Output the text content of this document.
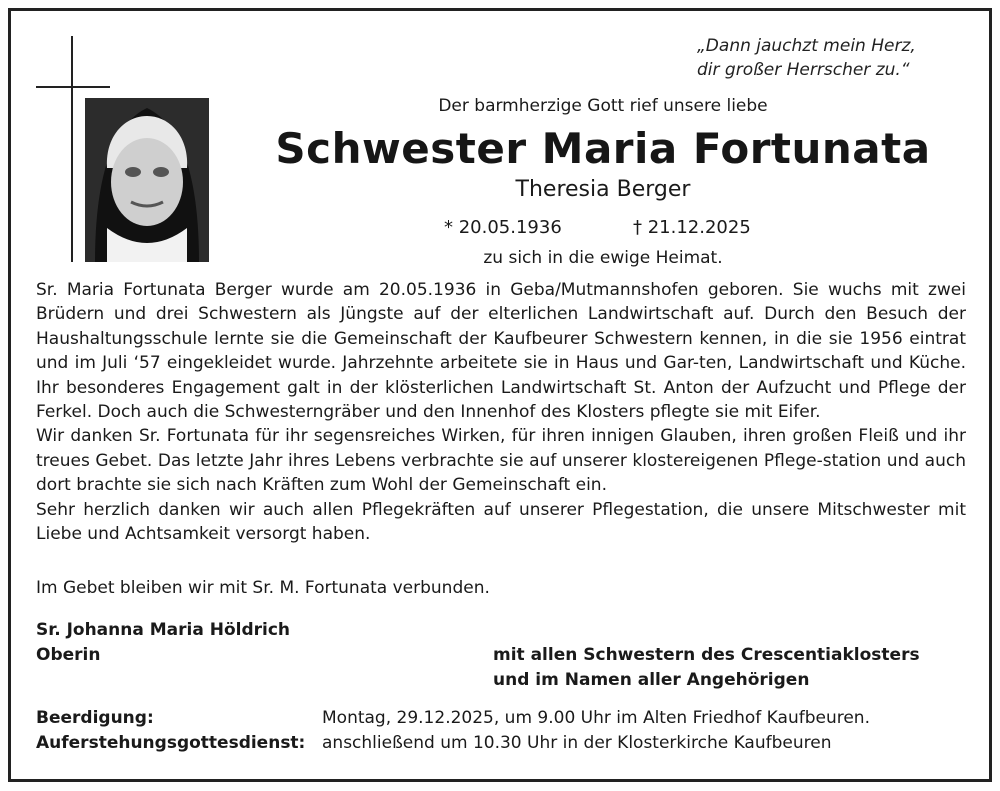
„Dann jauchzt mein Herz,
dir großer Herrscher zu.“
Der barmherzige Gott rief unsere liebe
Schwester Maria Fortunata
Theresia Berger
* 20.05.1936	† 21.12.2025
zu sich in die ewige Heimat.

Sr. Maria Fortunata Berger wurde am 20.05.1936 in Geba/Mutmannshofen geboren. Sie wuchs mit zwei Brüdern und drei Schwestern als Jüngste auf der elterlichen Landwirtschaft auf. Durch den Besuch der Haushaltungsschule lernte sie die Gemeinschaft der Kaufbeurer Schwestern kennen, in die sie 1956 eintrat und im Juli ‘57 eingekleidet wurde. Jahrzehnte arbeitete sie in Haus und Gar-ten, Landwirtschaft und Küche. Ihr besonderes Engagement galt in der klösterlichen Landwirtschaft St. Anton der Aufzucht und Pflege der Ferkel. Doch auch die Schwesterngräber und den Innenhof des Klosters pflegte sie mit Eifer.

Wir danken Sr. Fortunata für ihr segensreiches Wirken, für ihren innigen Glauben, ihren großen Fleiß und ihr treues Gebet. Das letzte Jahr ihres Lebens verbrachte sie auf unserer klostereigenen Pflege-station und auch dort brachte sie sich nach Kräften zum Wohl der Gemeinschaft ein.

Sehr herzlich danken wir auch allen Pflegekräften auf unserer Pflegestation, die unsere Mitschwester mit Liebe und Achtsamkeit versorgt haben.

Im Gebet bleiben wir mit Sr. M. Fortunata verbunden.
Sr. Johanna Maria Höldrich
Oberin	mit allen Schwestern des Crescentiaklosters
und im Namen aller Angehörigen
Beerdigung:
Auferstehungsgottesdienst:
Montag, 29.12.2025, um 9.00 Uhr im Alten Friedhof Kaufbeuren.
anschließend um 10.30 Uhr in der Klosterkirche Kaufbeuren
